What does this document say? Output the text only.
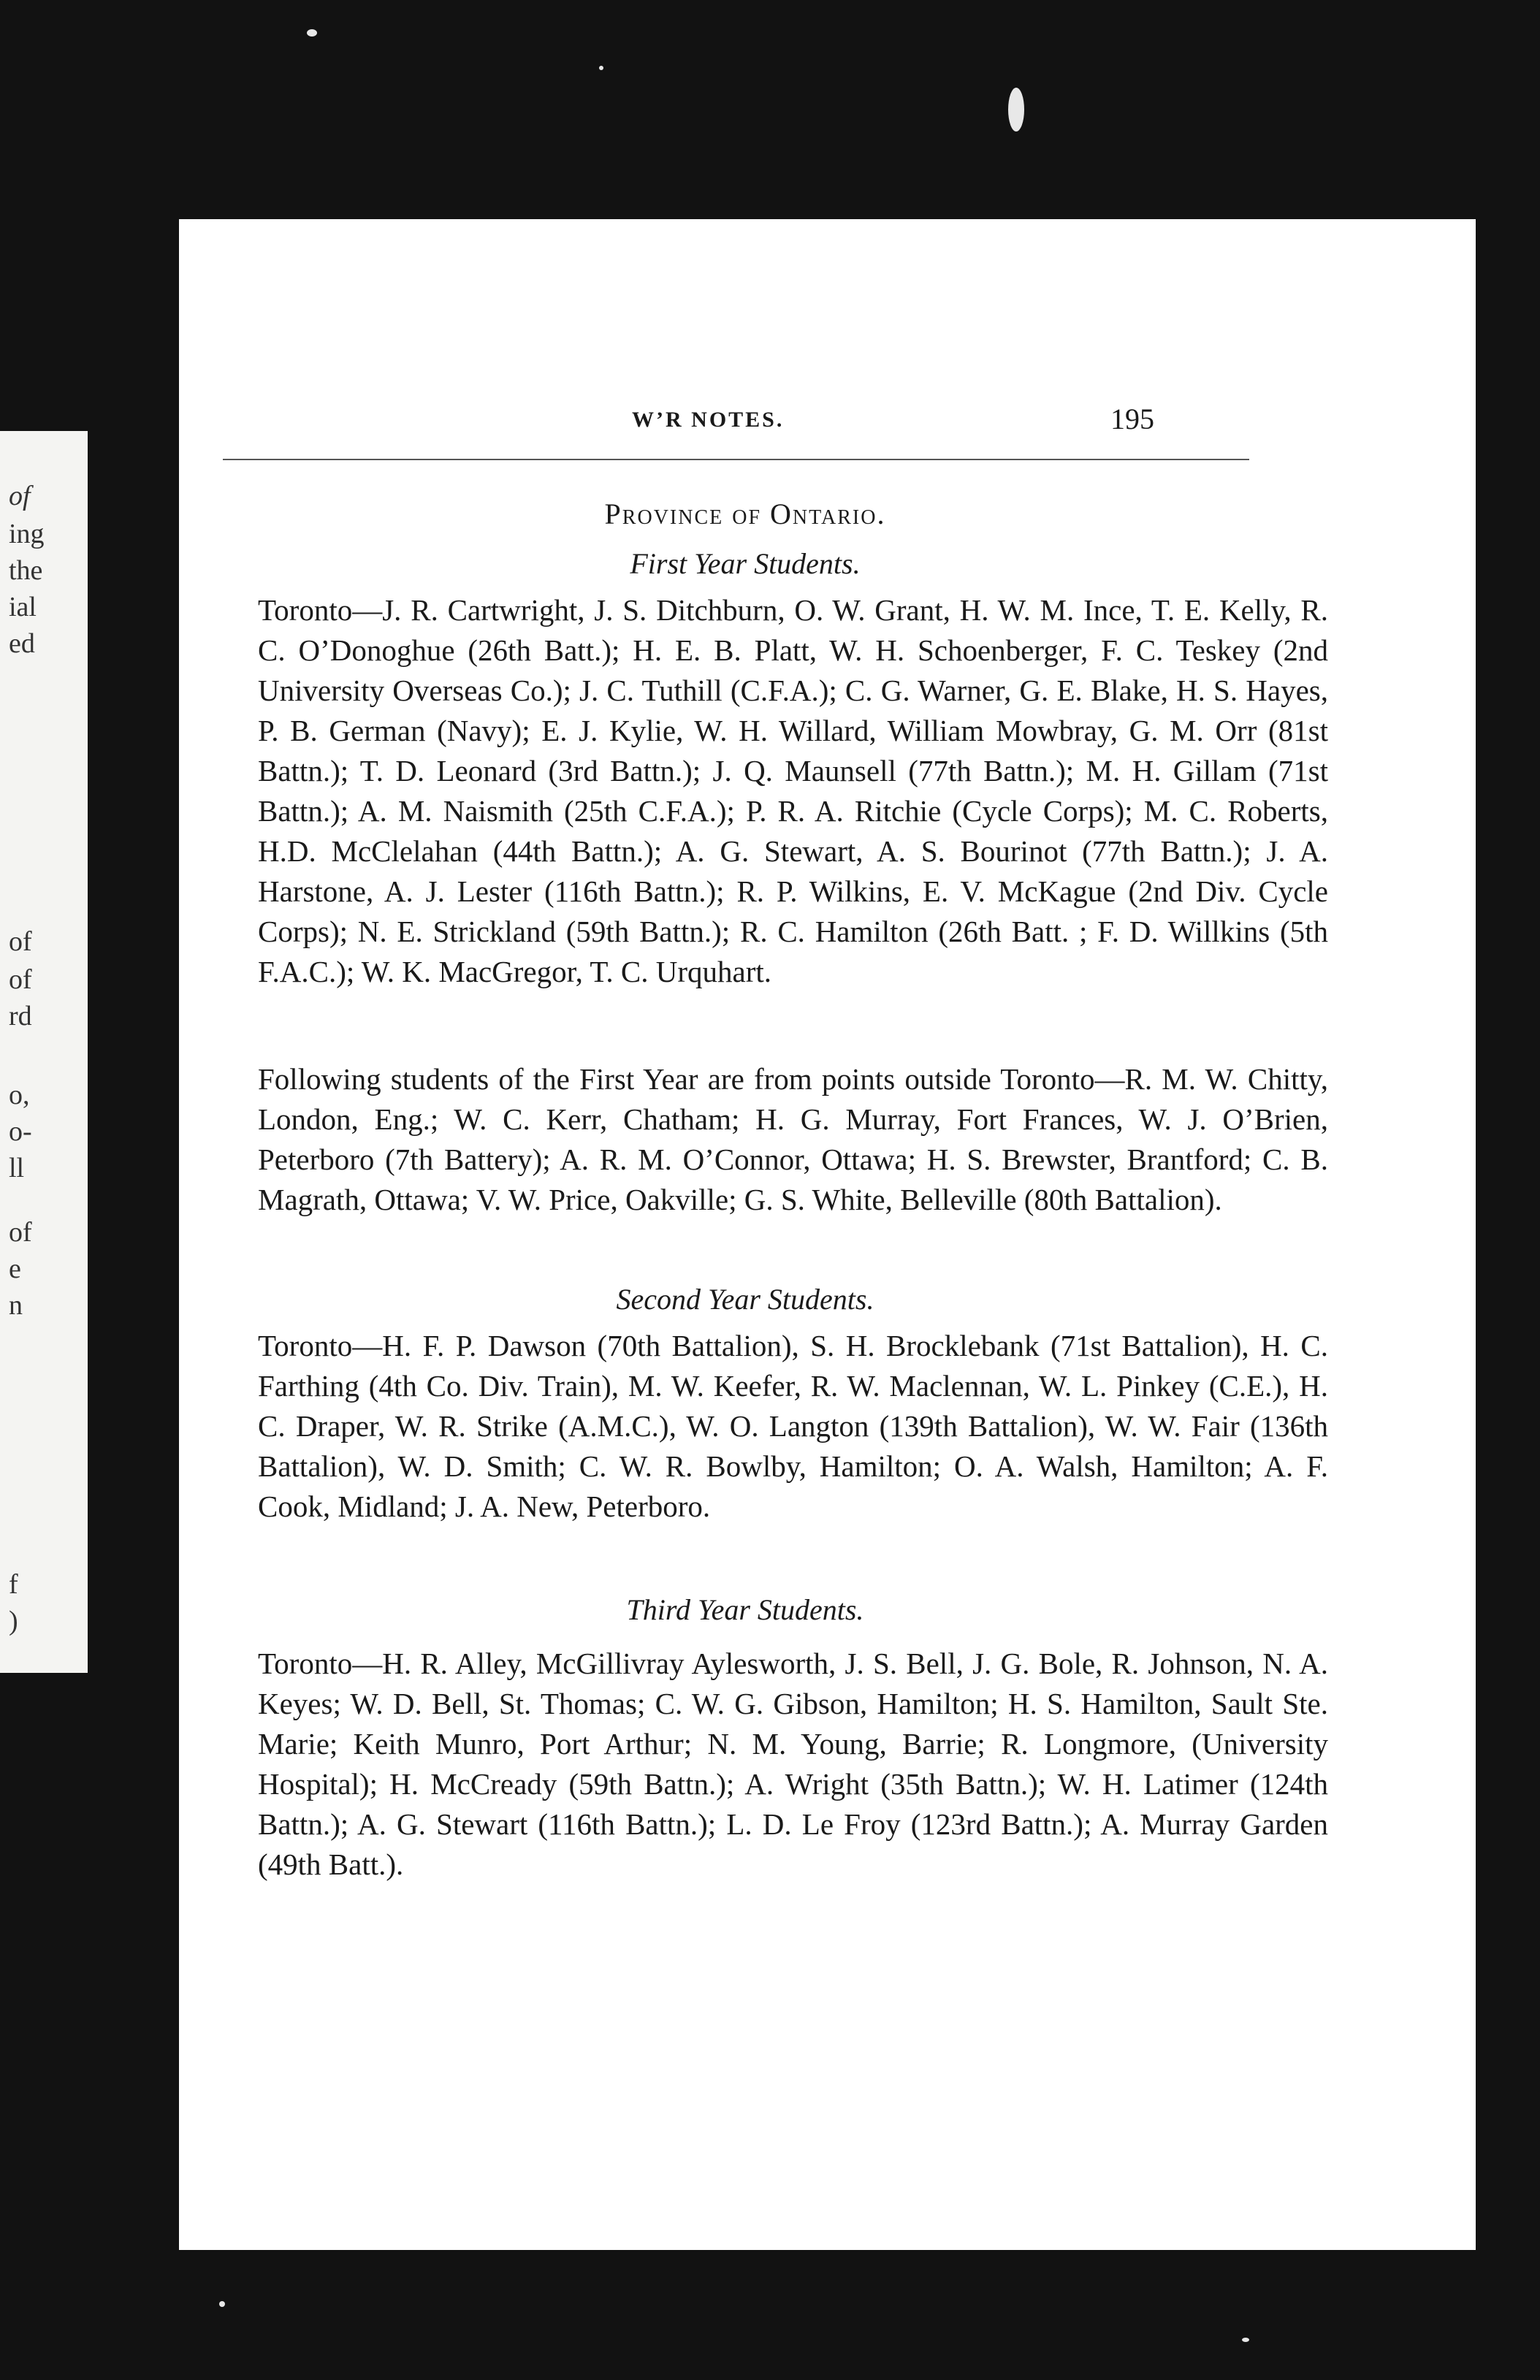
of
ing
the
ial
ed
of
of
rd
o,
o-
ll
of
e
n
f
)
W’R NOTES.	195
Province of Ontario.
First Year Students.

Toronto—J. R. Cartwright, J. S. Ditchburn, O. W. Grant, H. W. M. Ince, T. E. Kelly, R. C. O’Donoghue (26th Batt.); H. E. B. Platt, W. H. Schoenberger, F. C. Teskey (2nd University Overseas Co.); J. C. Tuthill (C.F.A.); C. G. Warner, G. E. Blake, H. S. Hayes, P. B. German (Navy); E. J. Kylie, W. H. Willard, William Mowbray, G. M. Orr (81st Battn.); T. D. Leonard (3rd Battn.); J. Q. Maunsell (77th Battn.); M. H. Gillam (71st Battn.); A. M. Naismith (25th C.F.A.); P. R. A. Ritchie (Cycle Corps); M. C. Roberts, H.D. McClelahan (44th Battn.); A. G. Stewart, A. S. Bourinot (77th Battn.); J. A. Harstone, A. J. Lester (116th Battn.); R. P. Wilkins, E. V. McKague (2nd Div. Cycle Corps); N. E. Strickland (59th Battn.); R. C. Hamilton (26th Batt. ; F. D. Willkins (5th F.A.C.); W. K. MacGregor, T. C. Urquhart.

Following students of the First Year are from points outside Toronto—R. M. W. Chitty, London, Eng.; W. C. Kerr, Chatham; H. G. Murray, Fort Frances, W. J. O’Brien, Peterboro (7th Battery); A. R. M. O’Connor, Ottawa; H. S. Brewster, Brantford; C. B. Magrath, Ottawa; V. W. Price, Oakville; G. S. White, Belleville (80th Battalion).

Second Year Students.

Toronto—H. F. P. Dawson (70th Battalion), S. H. Brocklebank (71st Battalion), H. C. Farthing (4th Co. Div. Train), M. W. Keefer, R. W. Maclennan, W. L. Pinkey (C.E.), H. C. Draper, W. R. Strike (A.M.C.), W. O. Langton (139th Battalion), W. W. Fair (136th Battalion), W. D. Smith; C. W. R. Bowlby, Hamilton; O. A. Walsh, Hamilton; A. F. Cook, Midland; J. A. New, Peterboro.

Third Year Students.

Toronto—H. R. Alley, McGillivray Aylesworth, J. S. Bell, J. G. Bole, R. Johnson, N. A. Keyes; W. D. Bell, St. Thomas; C. W. G. Gibson, Hamilton; H. S. Hamilton, Sault Ste. Marie; Keith Munro, Port Arthur; N. M. Young, Barrie; R. Longmore, (University Hospital); H. McCready (59th Battn.); A. Wright (35th Battn.); W. H. Latimer (124th Battn.); A. G. Stewart (116th Battn.); L. D. Le Froy (123rd Battn.); A. Murray Garden (49th Batt.).
